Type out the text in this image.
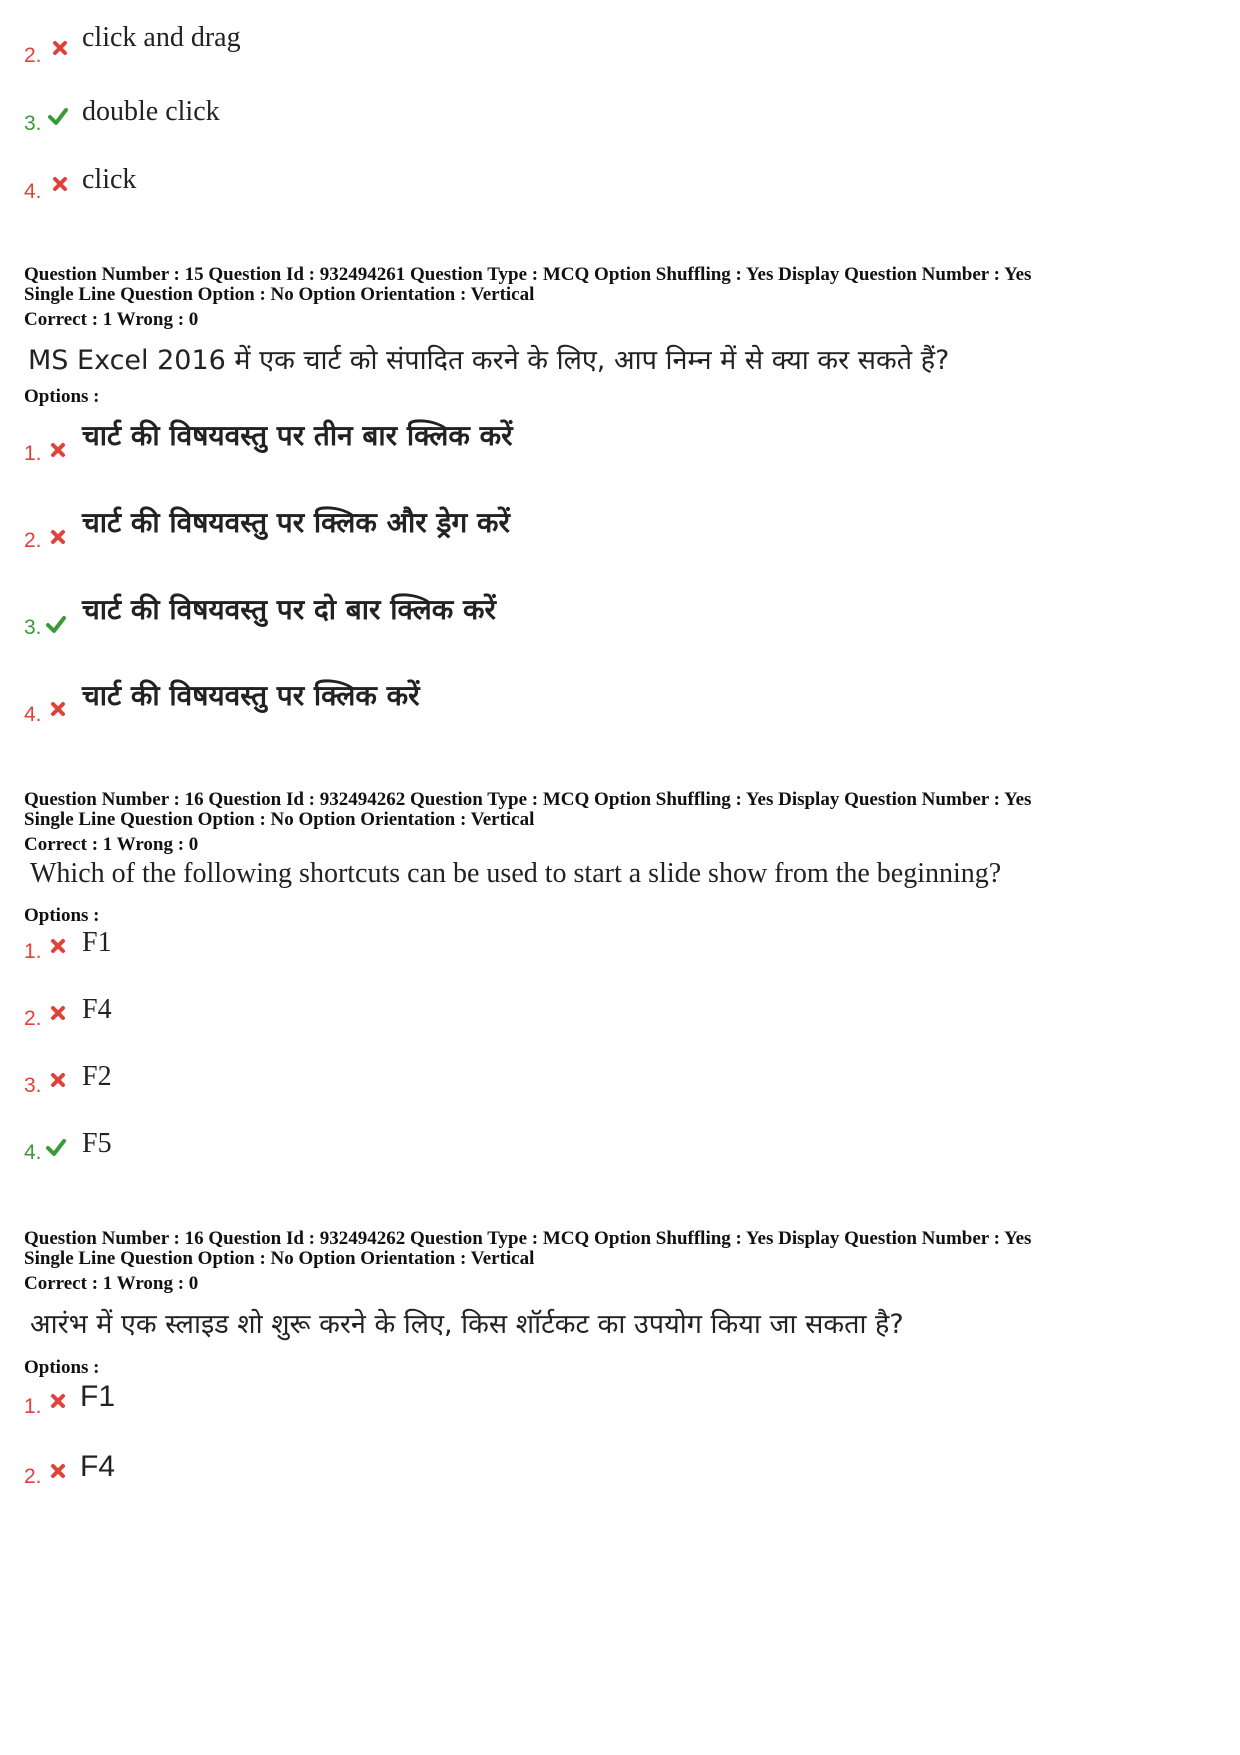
2.
click and drag
3. double click
4. click
Question Number : 15 Question Id : 932494261 Question Type : MCQ Option Shuffling : Yes Display Question Number : Yes
Single Line Question Option : No Option Orientation : Vertical
Correct : 1 Wrong : 0
MS Excel 2016 में एक चार्ट को संपादित करने के लिए, आप निम्न में से क्या कर सकते हैं?
Options :
1.
चार्ट की विषयवस्तु पर तीन बार क्लिक करें
2.
चार्ट की विषयवस्तु पर क्लिक और ड्रेग करें
3.
चार्ट की विषयवस्तु पर दो बार क्लिक करें
4.
चार्ट की विषयवस्तु पर क्लिक करें
Question Number : 16 Question Id : 932494262 Question Type : MCQ Option Shuffling : Yes Display Question Number : Yes
Single Line Question Option : No Option Orientation : Vertical
Correct : 1 Wrong : 0
Which of the following shortcuts can be used to start a slide show from the beginning?
Options :
1. F1
2. F4
3. F2
4. F5
Question Number : 16 Question Id : 932494262 Question Type : MCQ Option Shuffling : Yes Display Question Number : Yes
Single Line Question Option : No Option Orientation : Vertical
Correct : 1 Wrong : 0
आरंभ में एक स्लाइड शो शुरू करने के लिए, किस शॉर्टकट का उपयोग किया जा सकता है?
Options :
1. F1
2. F4
